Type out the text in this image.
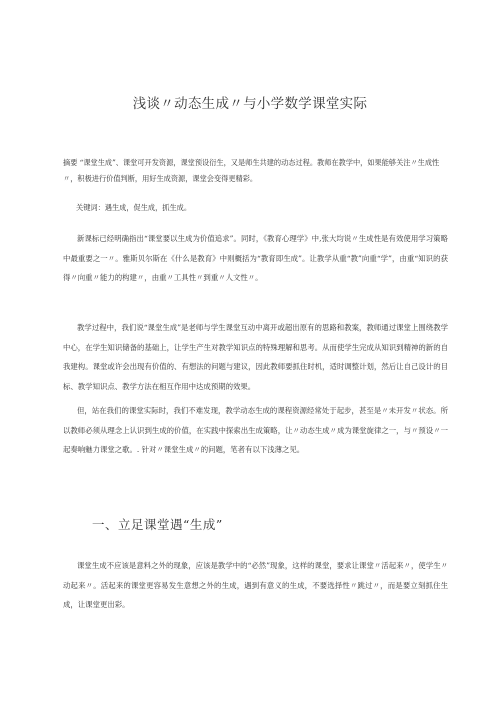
浅谈〃动态生成〃与小学数学课堂实际
摘要 “课堂生成”、课堂可开发资源，课堂预设衍生，又是师生共建的动态过程。教师在教学中，如果能够关注〃生成性〃，积极进行价值判断，用好生成资源，课堂会变得更精彩。
关键词：遇生成，促生成，抓生成。
新课标已经明确指出“课堂要以生成为价值追求”。同时，《教育心理学》中,张大均说〃生成性是有效使用学习策略中最重要之一〃。雅斯贝尔斯在《什么是教育》中则概括为“教育即生成”。让教学从重“教”向重“学”，由重“知识的获得〃向重〃能力的构建〃，由重〃工具性〃到重〃人文性〃。
教学过程中，我们说“课堂生成”是老师与学生课堂互动中离开或超出原有的思路和教案，教师通过课堂上围绕教学中心，在学生知识储备的基础上，让学生产生对教学知识点的特殊理解和思考。从而使学生完成从知识到精神的新的自我建构。课堂或许会出现有价值的、有想法的问题与建议，因此教师要抓住时机，适时调整计划，然后让自己设计的目标、教学知识点、教学方法在相互作用中达成预期的效果。
但，站在我们的课堂实际时，我们不难发现，教学动态生成的课程资源经常处于起步，甚至是〃未开发〃状态。所以教师必须从理念上认识到生成的价值，在实践中探索出生成策略，让〃动态生成〃成为课堂旋律之一，与〃预设〃一起奏响魅力课堂之歌。. 针对〃课堂生成〃的问题，笔者有以下浅薄之见。
一、立足课堂遇“生成”
课堂生成不应该是意料之外的现象，应该是教学中的“必然”现象，这样的课堂，要求让课堂〃活起来〃，使学生〃动起来〃。活起来的课堂更容易发生意想之外的生成，遇到有意义的生成，不要选择性〃跳过〃，而是要立刻抓住生成，让课堂更出彩。
